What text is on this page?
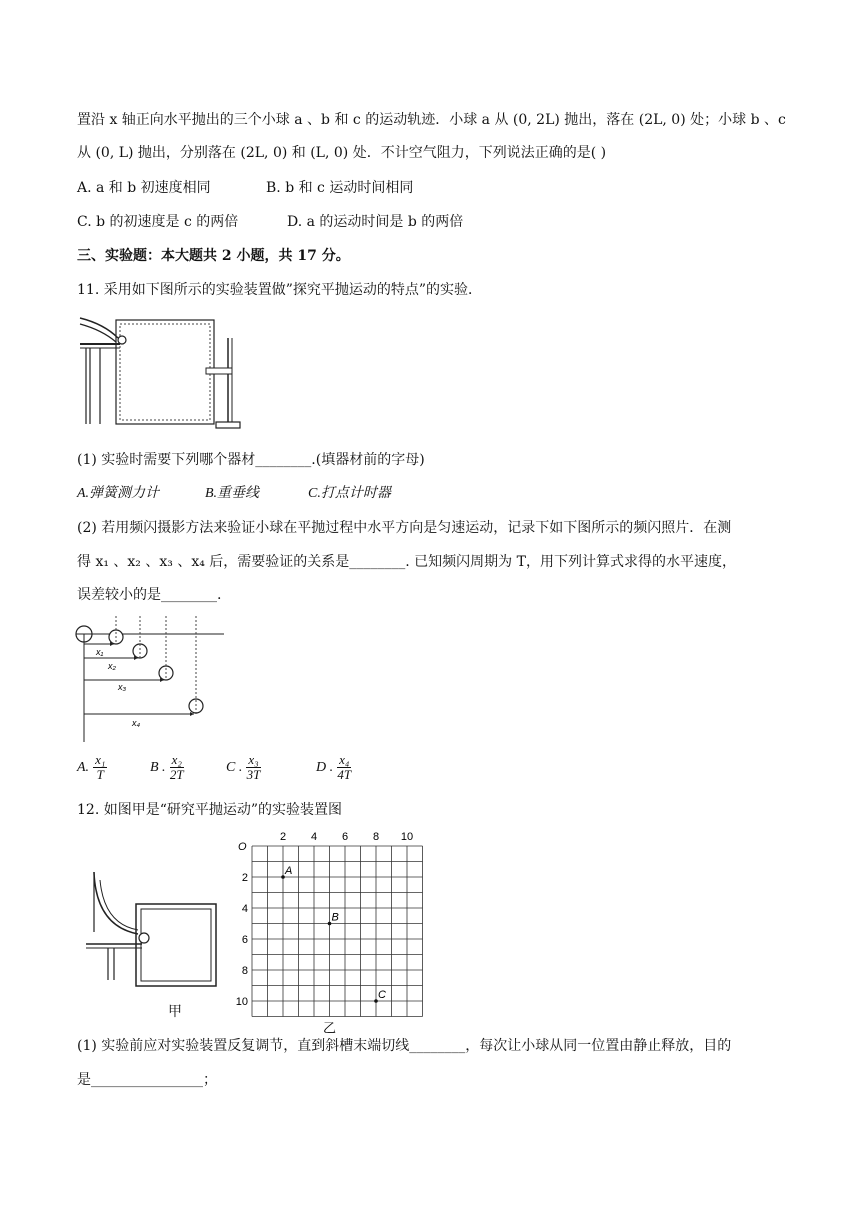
置沿 x 轴正向水平抛出的三个小球 a 、b 和 c 的运动轨迹．小球 a 从 (0, 2L) 抛出，落在 (2L, 0) 处；小球 b 、c
从 (0, L) 抛出，分别落在 (2L, 0) 和 (L, 0) 处．不计空气阻力，下列说法正确的是( )
A. a 和 b 初速度相同	B. b 和 c 运动时间相同
C. b 的初速度是 c 的两倍	D. a 的运动时间是 b 的两倍
三、实验题：本大题共 2 小题，共 17 分。
11. 采用如下图所示的实验装置做”探究平抛运动的特点”的实验．
(1) 实验时需要下列哪个器材________.(填器材前的字母)
A.弹簧测力计	B.重垂线	C.打点计时器
(2) 若用频闪摄影方法来验证小球在平抛过程中水平方向是匀速运动，记录下如下图所示的频闪照片．在测
得 x₁ 、x₂ 、x₃ 、x₄ 后，需要验证的关系是________. 已知频闪周期为 T，用下列计算式求得的水平速度，
误差较小的是________.
x₁
x₂
x₃
x₄
A. $\frac{\text{x₁}}{T}$	B . $\frac{\text{x₂}}{2T}$	C . $\frac{\text{x₃}}{3T}$	D . $\frac{\text{x₄}}{4T}$
12. 如图甲是“研究平抛运动”的实验装置图
甲
O
2 4 6 8 10
2
4
6
8
10
A
B
C
乙
(1) 实验前应对实验装置反复调节，直到斜槽末端切线________，每次让小球从同一位置由静止释放，目的
是________________；
